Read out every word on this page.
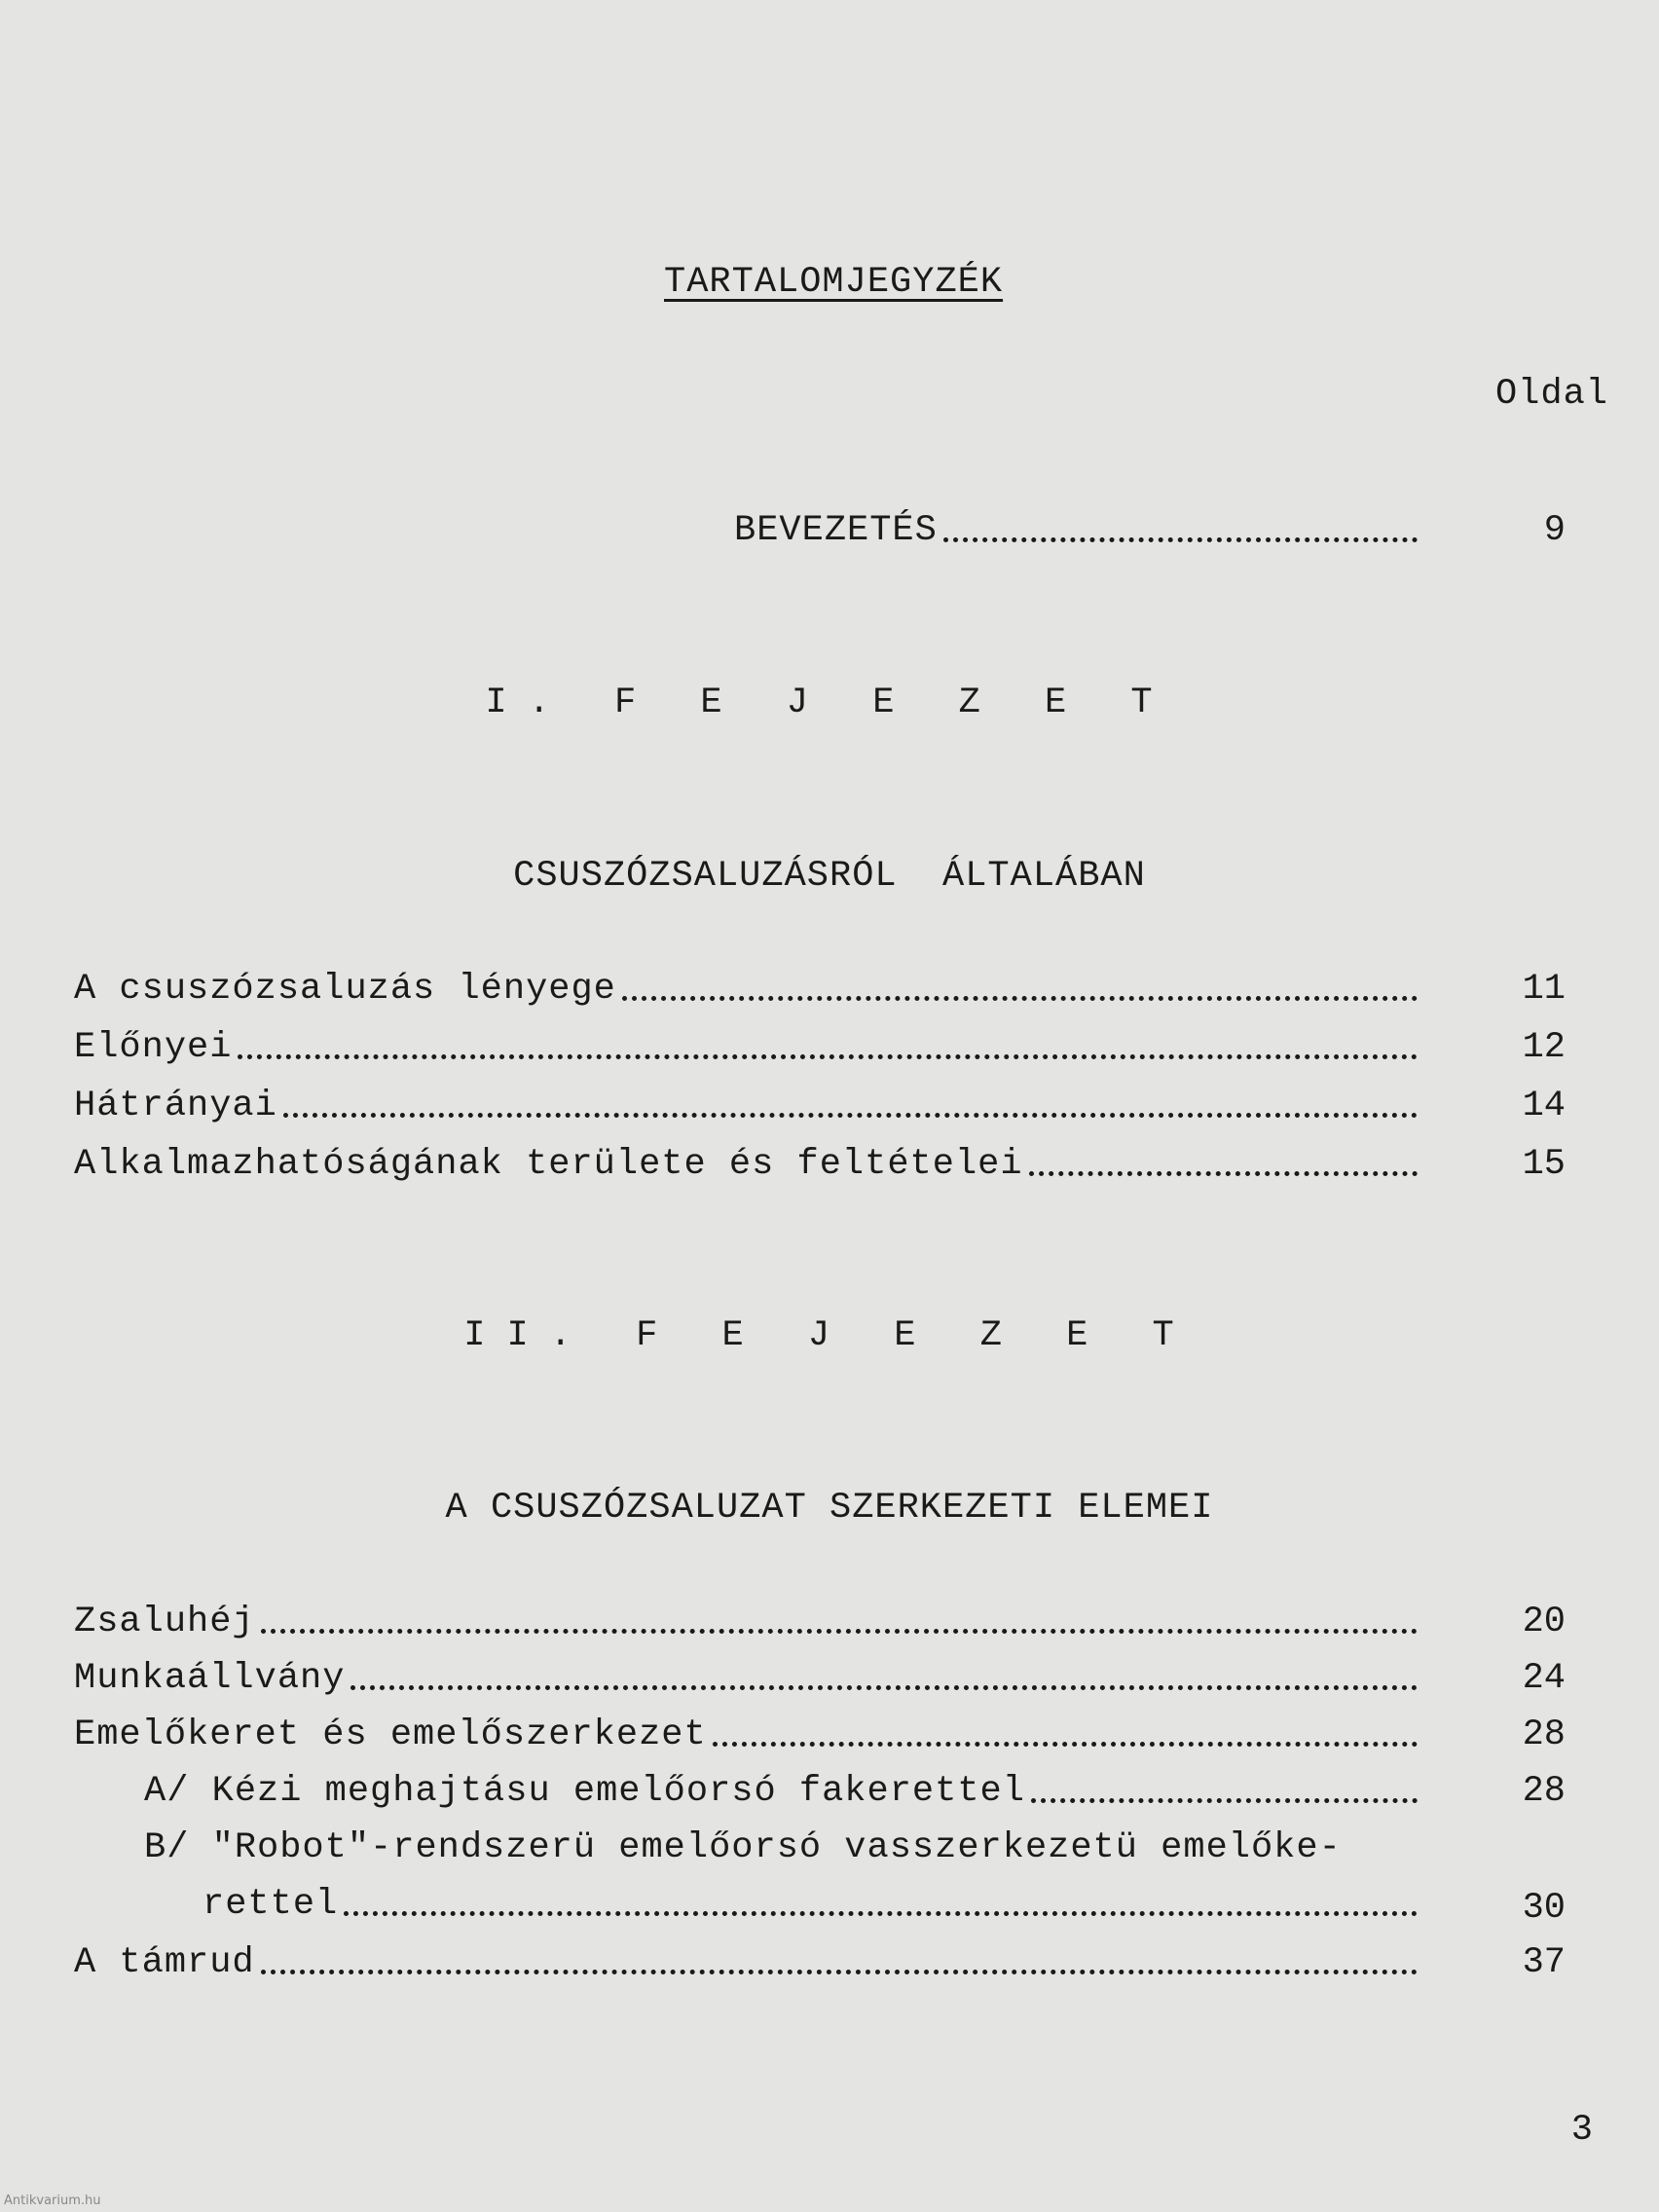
TARTALOMJEGYZÉK
Oldal
BEVEZETÉS	9
I. F E J E Z E T
CSUSZÓZSALUZÁSRÓL  ÁLTALÁBAN
A csuszózsaluzás lényege	11
Előnyei	12
Hátrányai	14
Alkalmazhatóságának területe és feltételei	15
II. F E J E Z E T
A CSUSZÓZSALUZAT SZERKEZETI ELEMEI
Zsaluhéj	20
Munkaállvány	24
Emelőkeret és emelőszerkezet	28
A/ Kézi meghajtásu emelőorsó fakerettel	28
B/ "Robot"-rendszerü emelőorsó vasszerkezetü emelőke-
rettel	30
A támrud	37
3
Antikvarium.hu
